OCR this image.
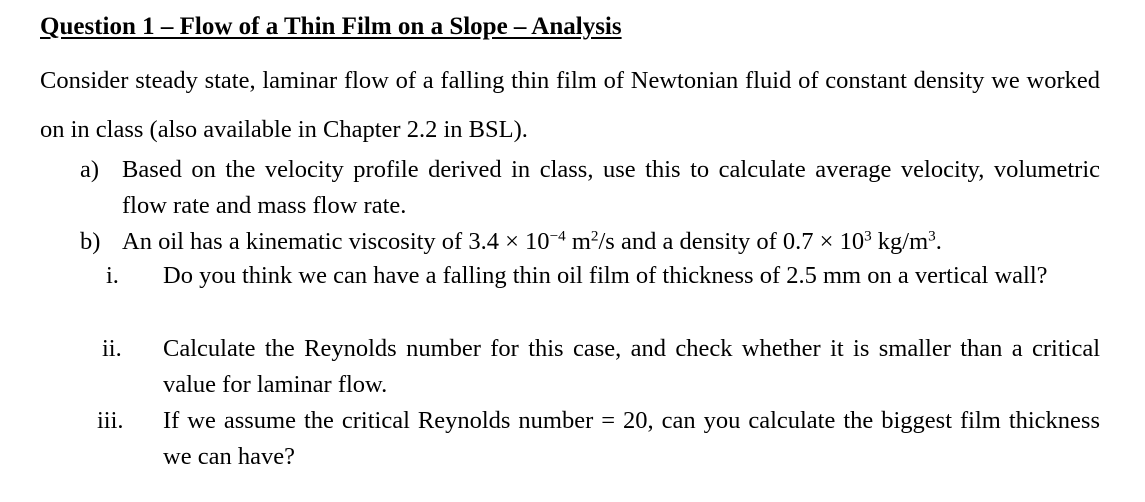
Question 1 – Flow of a Thin Film on a Slope – Analysis
Consider steady state, laminar flow of a falling thin film of Newtonian fluid of constant density we worked on in class (also available in Chapter 2.2 in BSL).
a) Based on the velocity profile derived in class, use this to calculate average velocity, volumetric flow rate and mass flow rate.
b) An oil has a kinematic viscosity of $3.4 \times 10^{-4}$ $m^2/s$ and a density of $0.7 \times 10^3$ $kg/m^3$.
i. Do you think we can have a falling thin oil film of thickness of 2.5 mm on a vertical wall?
ii. Calculate the Reynolds number for this case, and check whether it is smaller than a critical value for laminar flow.
iii. If we assume the critical Reynolds number = 20, can you calculate the biggest film thickness we can have?
